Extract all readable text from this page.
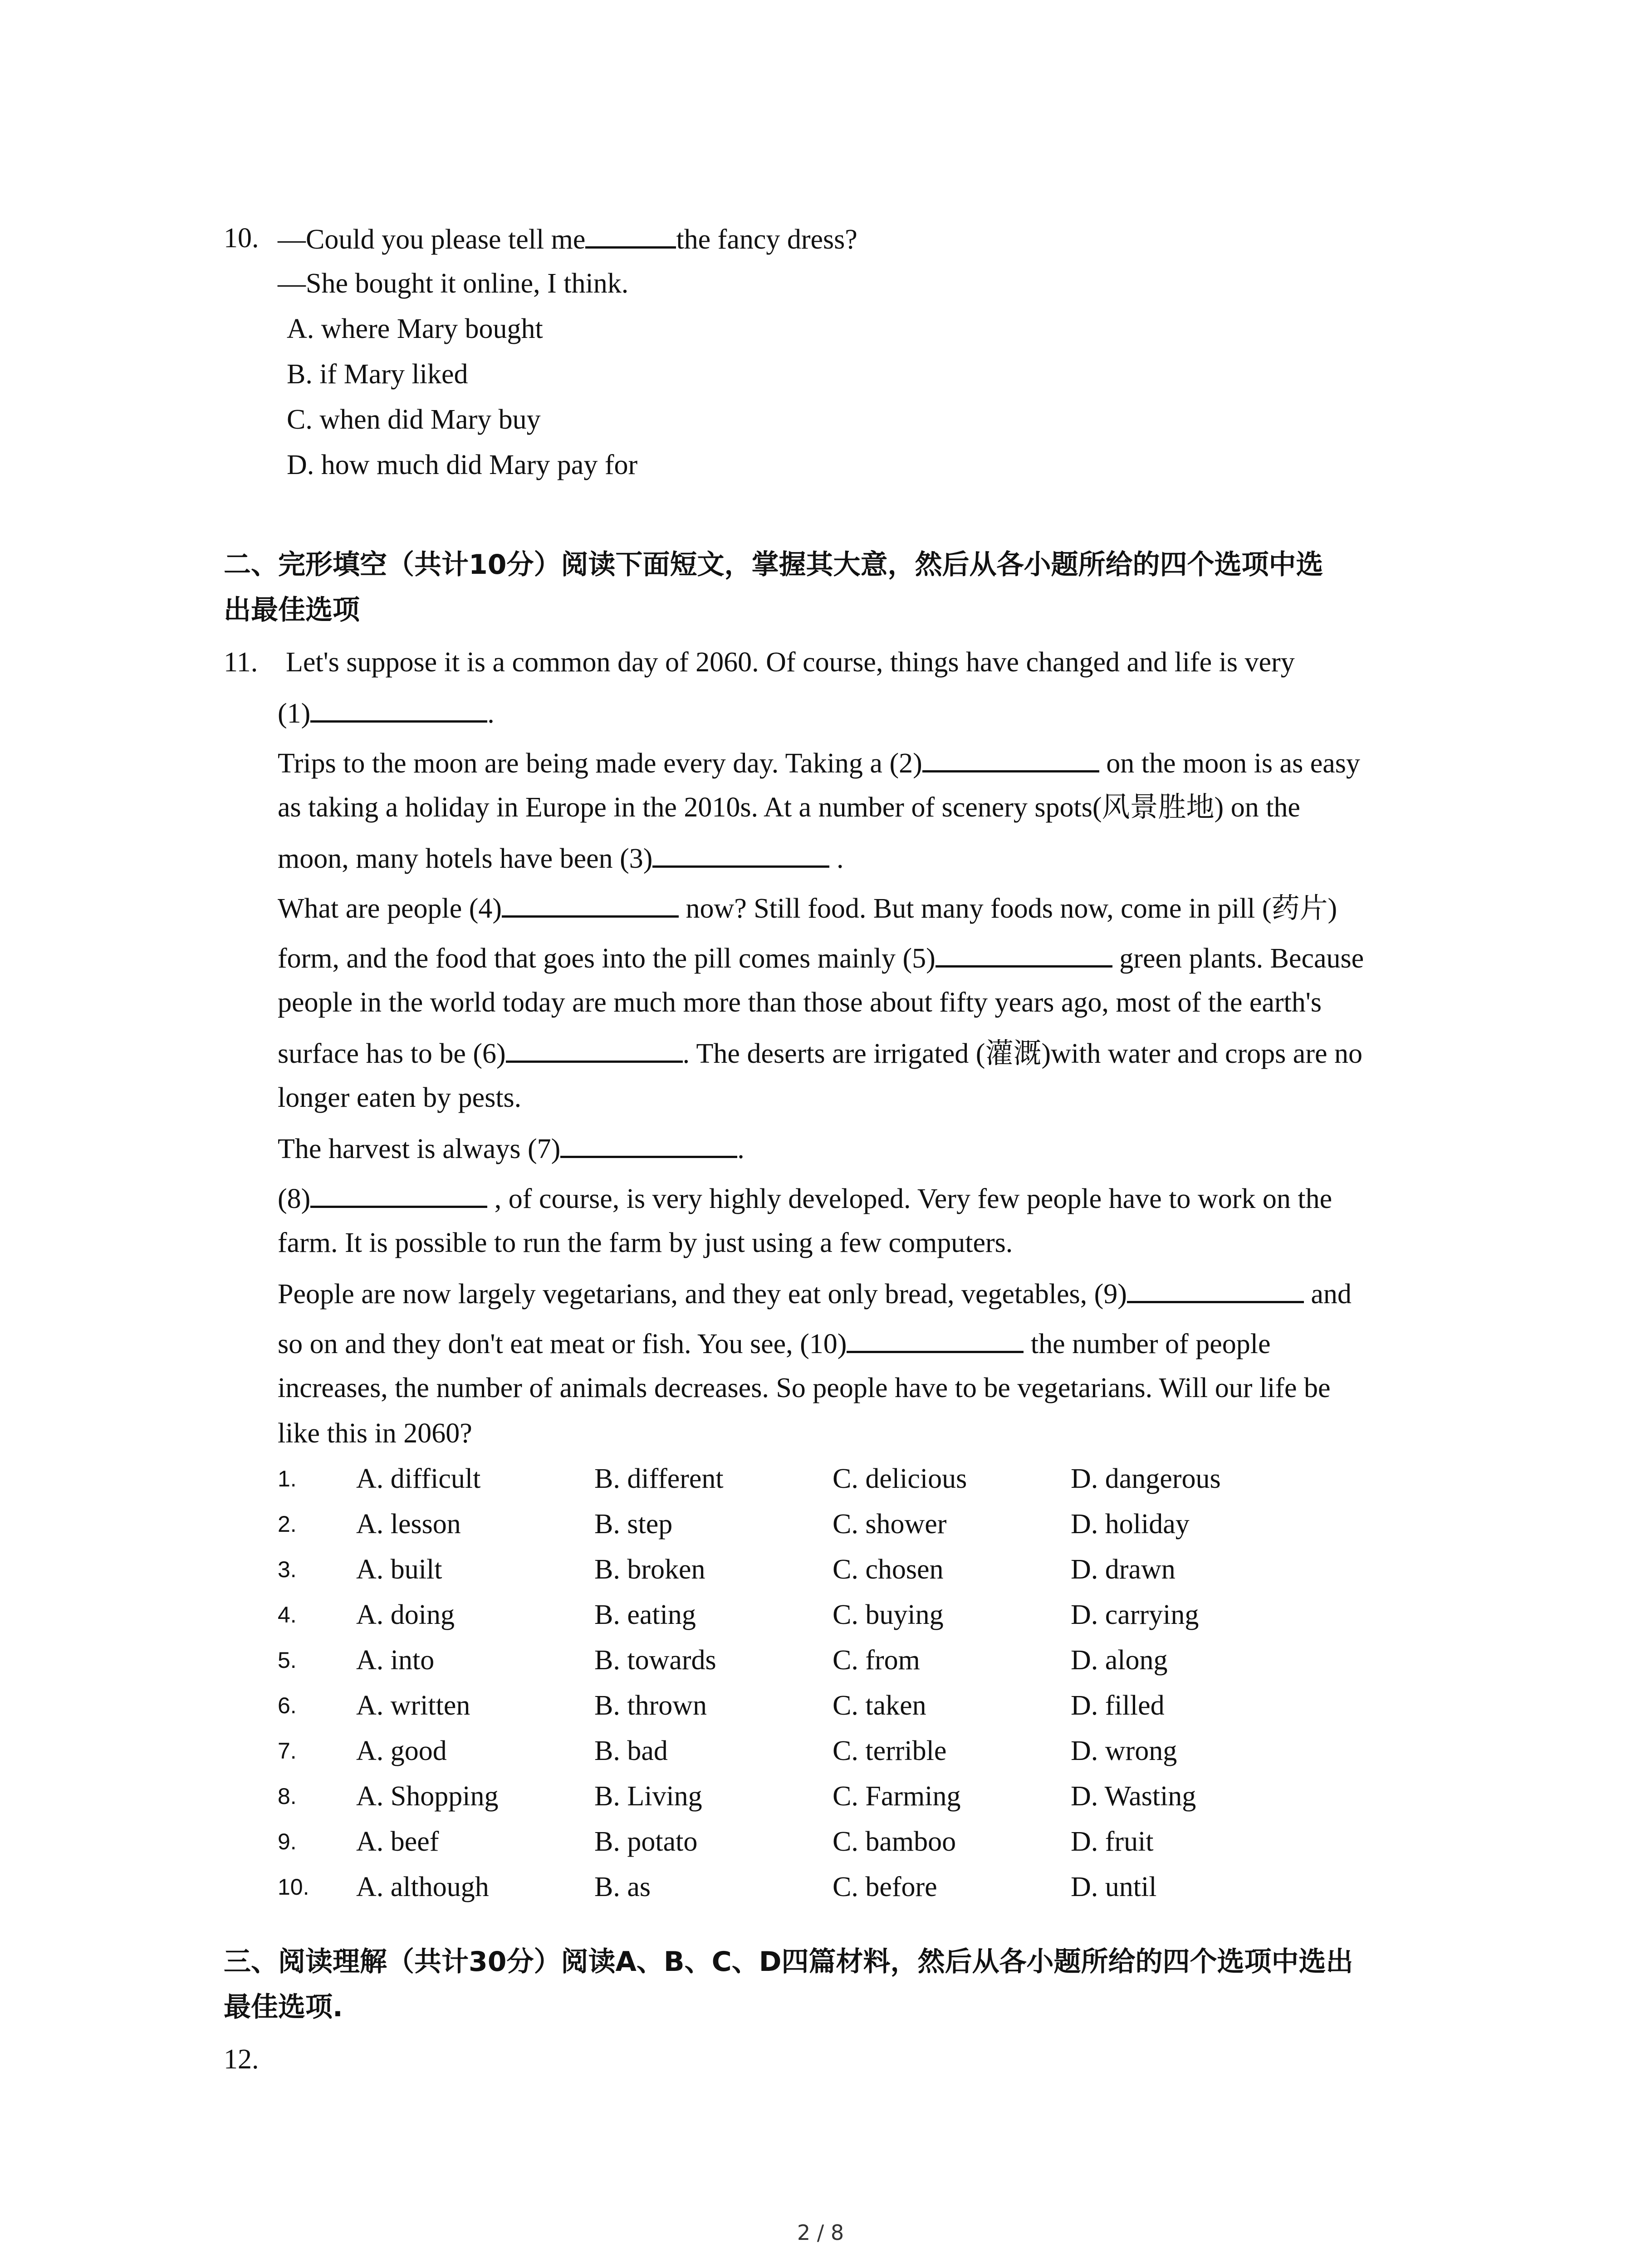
10. —Could you please tell me	the fancy dress?
—She bought it online, I think.
A. where Mary bought
B. if Mary liked
C. when did Mary buy
D. how much did Mary pay for
二、完形填空（共计10分）阅读下面短文，掌握其大意，然后从各小题所给的四个选项中选
出最佳选项
11. Let's suppose it is a common day of 2060. Of course, things have changed and life is very
(1)	.
Trips to the moon are being made every day. Taking a (2)	on the moon is as easy
as taking a holiday in Europe in the 2010s. At a number of scenery spots(风景胜地) on the
moon, many hotels have been (3)	.
What are people (4)	now? Still food. But many foods now, come in pill (药片)
form, and the food that goes into the pill comes mainly (5)	green plants. Because
people in the world today are much more than those about fifty years ago, most of the earth's
surface has to be (6)	. The deserts are irrigated (灌溉)with water and crops are no
longer eaten by pests.
The harvest is always (7)	.
(8)	, of course, is very highly developed. Very few people have to work on the
farm. It is possible to run the farm by just using a few computers.
People are now largely vegetarians, and they eat only bread, vegetables, (9)	and
so on and they don't eat meat or fish. You see, (10)	the number of people
increases, the number of animals decreases. So people have to be vegetarians. Will our life be
like this in 2060?
1. A. difficult	B. different	C. delicious	D. dangerous
2. A. lesson	B. step	C. shower	D. holiday
3. A. built	B. broken	C. chosen	D. drawn
4. A. doing	B. eating	C. buying	D. carrying
5. A. into	B. towards	C. from	D. along
6. A. written	B. thrown	C. taken	D. filled
7. A. good	B. bad	C. terrible	D. wrong
8. A. Shopping	B. Living	C. Farming	D. Wasting
9. A. beef	B. potato	C. bamboo	D. fruit
10. A. although	B. as	C. before	D. until
三、阅读理解（共计30分）阅读A、B、C、D四篇材料，然后从各小题所给的四个选项中选出
最佳选项.
12.
2 / 8
